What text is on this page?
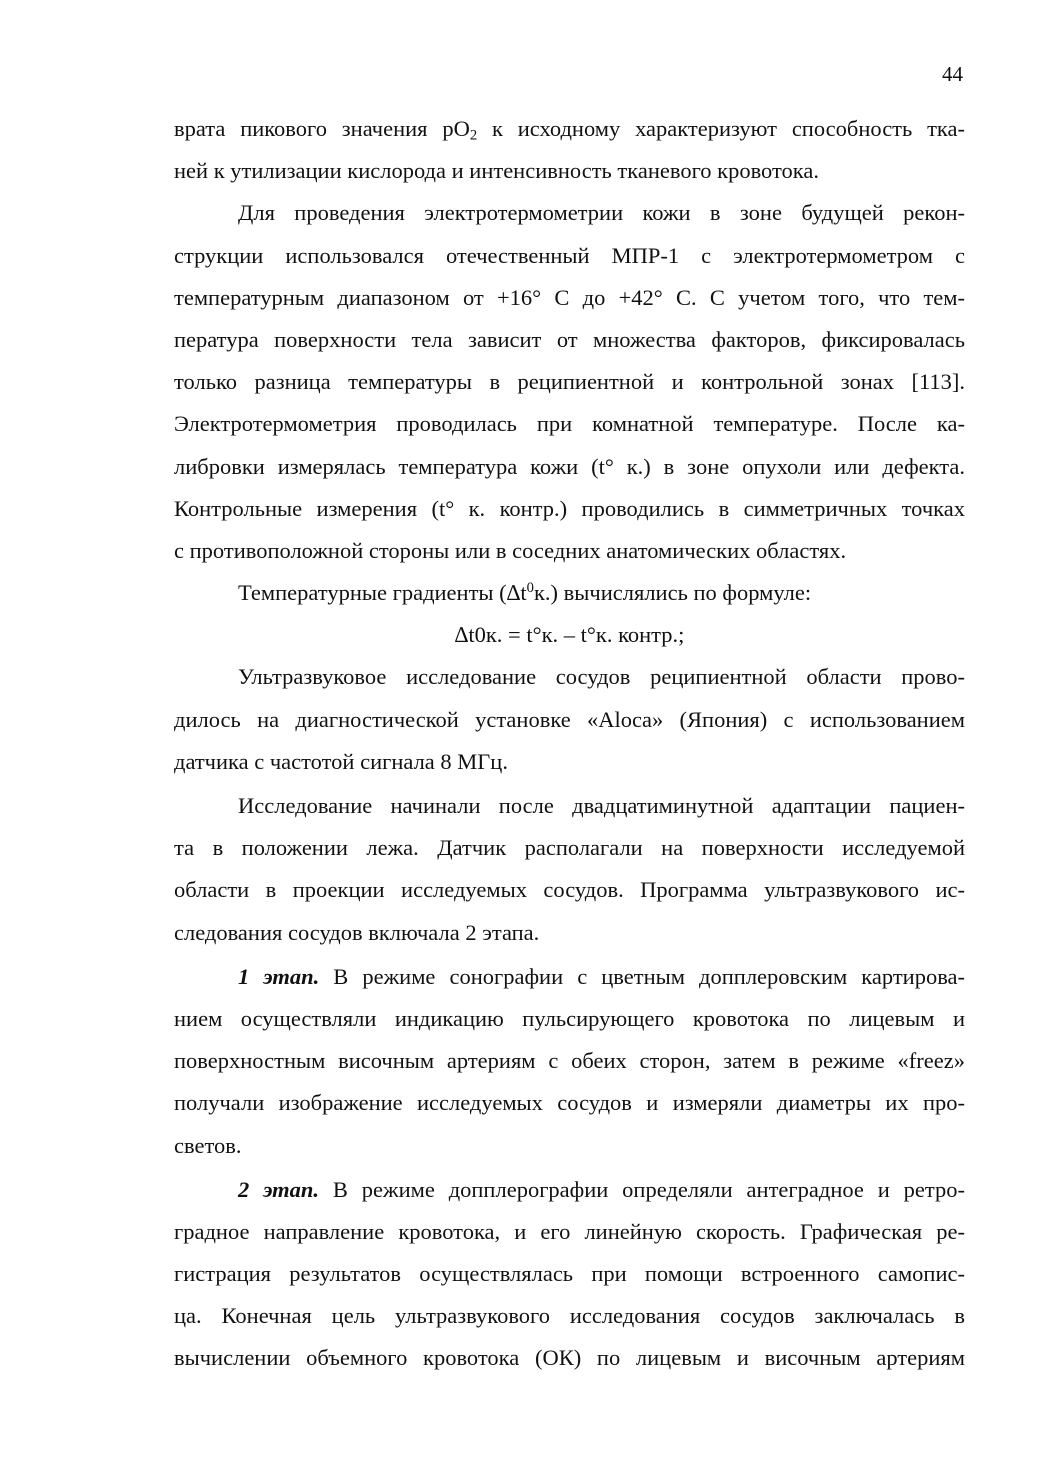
44
врата пикового значения $рО_2$ к исходному характеризуют способность тка-
ней к утилизации кислорода и интенсивность тканевого кровотока.
Для проведения электротермометрии кожи в зоне будущей рекон-
струкции использовался отечественный МПР-1 с электротермометром с
температурным диапазоном от +16° С до +42° С. С учетом того, что тем-
пература поверхности тела зависит от множества факторов, фиксировалась
только разница температуры в реципиентной и контрольной зонах [113].
Электротермометрия проводилась при комнатной температуре. После ка-
либровки измерялась температура кожи (t° к.) в зоне опухоли или дефекта.
Контрольные измерения (t° к. контр.) проводились в симметричных точках
с противоположной стороны или в соседних анатомических областях.
Температурные градиенты $(\Delta t^0к.)$ вычислялись по формуле:
∆t0к. = t°к. – t°к. контр.;
Ультразвуковое исследование сосудов реципиентной области прово-
дилось на диагностической установке «Aloca» (Япония) с использованием
датчика с частотой сигнала 8 МГц.
Исследование начинали после двадцатиминутной адаптации пациен-
та в положении лежа. Датчик располагали на поверхности исследуемой
области в проекции исследуемых сосудов. Программа ультразвукового ис-
следования сосудов включала 2 этапа.
1 этап. В режиме сонографии с цветным допплеровским картирова-
нием осуществляли индикацию пульсирующего кровотока по лицевым и
поверхностным височным артериям с обеих сторон, затем в режиме «freez»
получали изображение исследуемых сосудов и измеряли диаметры их про-
светов.
2 этап. В режиме допплерографии определяли антеградное и ретро-
градное направление кровотока, и его линейную скорость. Графическая ре-
гистрация результатов осуществлялась при помощи встроенного самопис-
ца. Конечная цель ультразвукового исследования сосудов заключалась в
вычислении объемного кровотока (ОК) по лицевым и височным артериям
